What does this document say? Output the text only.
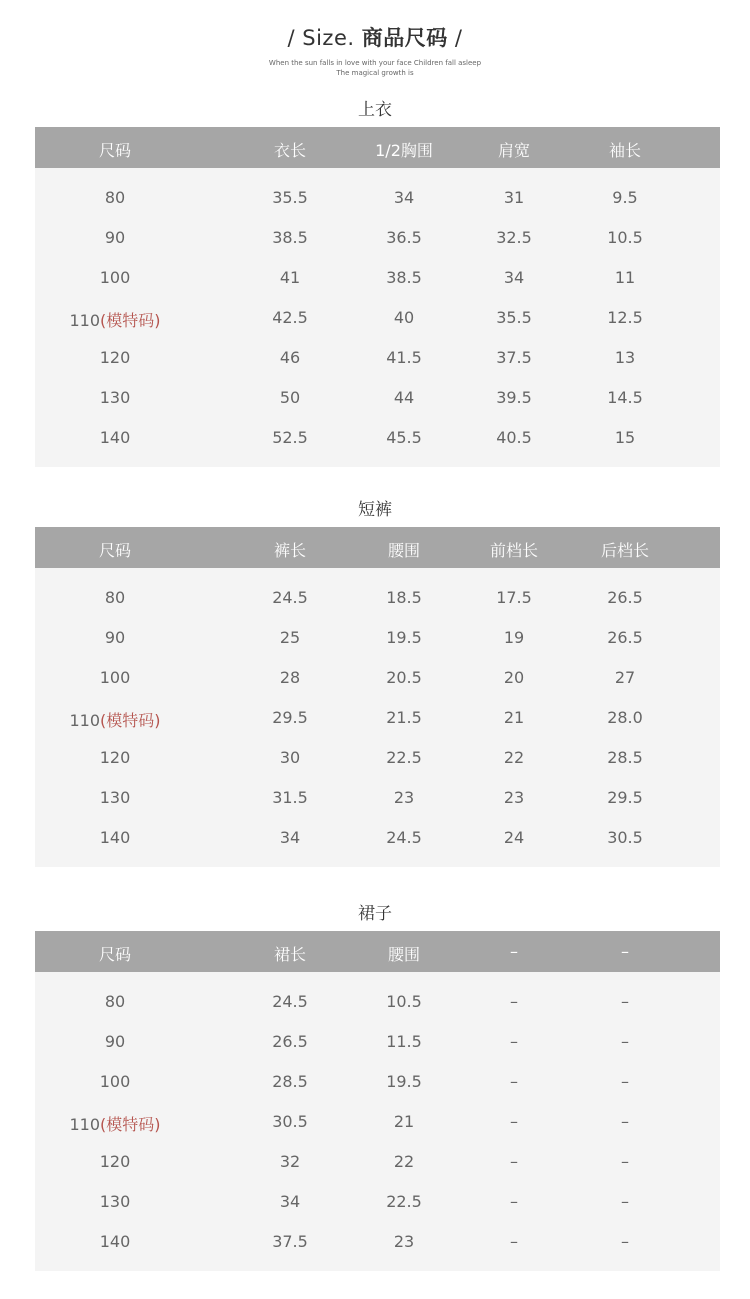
/ Size. 商品尺码 /
When the sun falls in love with your face Children fall asleep The magical growth is
上衣
尺码	衣长	1/2胸围	肩宽	袖长
80	35.5	34	31	9.5
90	38.5	36.5	32.5	10.5
100	41	38.5	34	11
110(模特码)	42.5	40	35.5	12.5
120	46	41.5	37.5	13
130	50	44	39.5	14.5
140	52.5	45.5	40.5	15
短裤
尺码	裤长	腰围	前档长	后档长
80	24.5	18.5	17.5	26.5
90	25	19.5	19	26.5
100	28	20.5	20	27
110(模特码)	29.5	21.5	21	28.0
120	30	22.5	22	28.5
130	31.5	23	23	29.5
140	34	24.5	24	30.5
裙子
尺码	裙长	腰围	–	–
80	24.5	10.5	–	–
90	26.5	11.5	–	–
100	28.5	19.5	–	–
110(模特码)	30.5	21	–	–
120	32	22	–	–
130	34	22.5	–	–
140	37.5	23	–	–
